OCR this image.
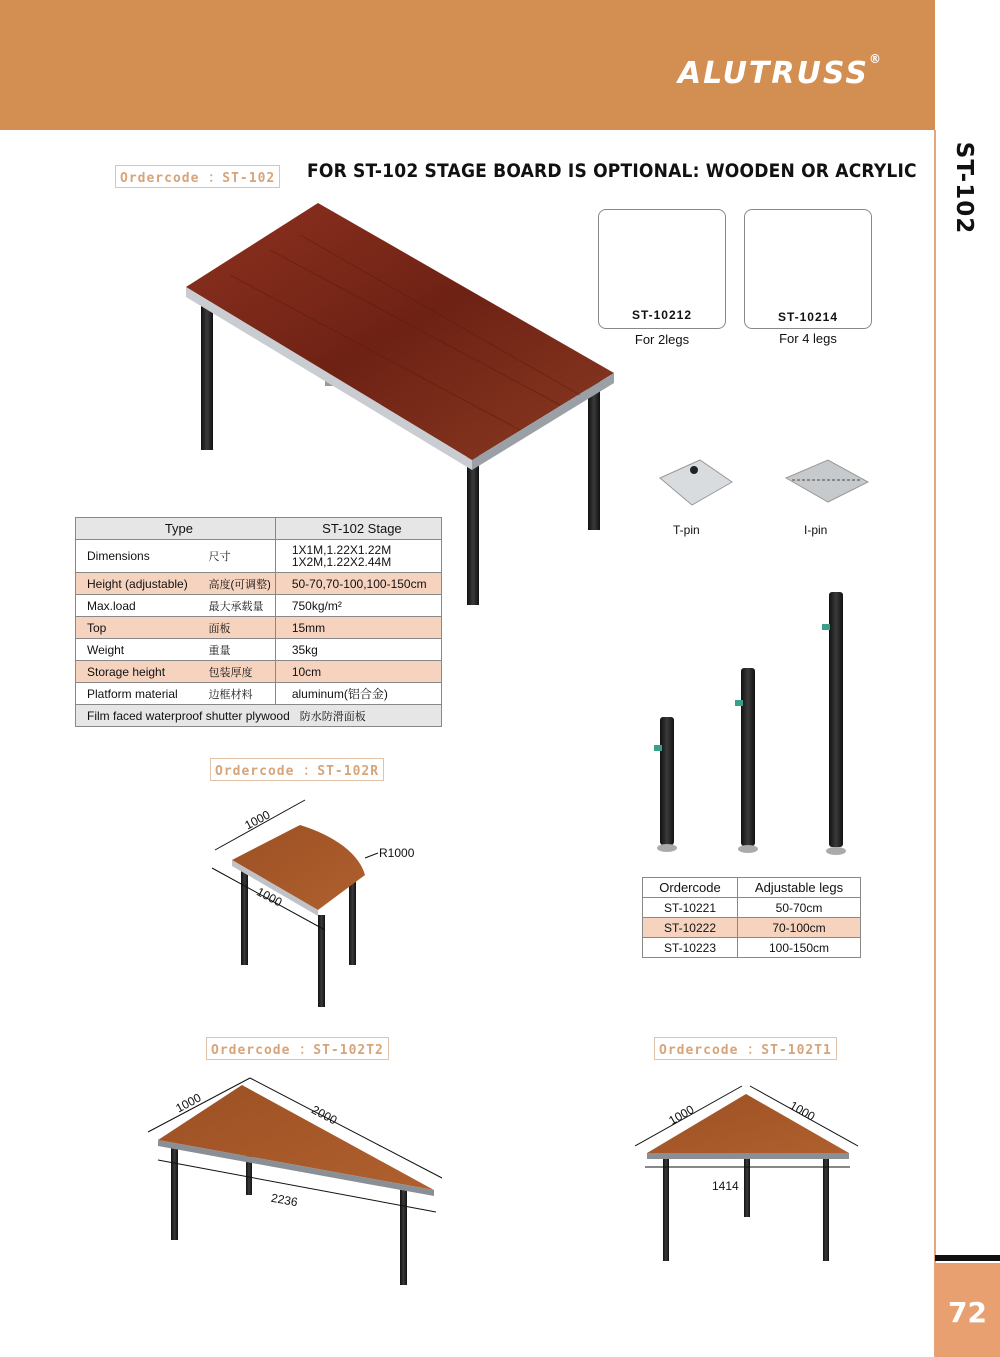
ALUTRUSS®
ST-102
72
Ordercode ：ST-102 FOR ST-102 STAGE BOARD IS OPTIONAL: WOODEN OR ACRYLIC
ST-10212
For 2legs
ST-10214
For 4 legs
T-pin	I-pin
Type		ST-102 Stage
Dimensions	尺寸	1X1M,1.22X1.22M
1X2M,1.22X2.44M

Height (adjustable)	高度(可调整)	50-70,70-100,100-150cm
Max.load	最大承载量	750kg/m²
Top	面板	15mm
Weight	重量	35kg
Storage height	包装厚度	10cm
Platform material	边框材料	aluminum(铝合金)
Film faced waterproof shutter plywood 防水防滑面板		
Ordercode	Adjustable legs
ST-10221	50-70cm
ST-10222	70-100cm
ST-10223	100-150cm
Ordercode ：ST-102R
1000
1000
R1000
Ordercode ：ST-102T2
1000	2000
2236
Ordercode ：ST-102T1
1000	1000
1414
